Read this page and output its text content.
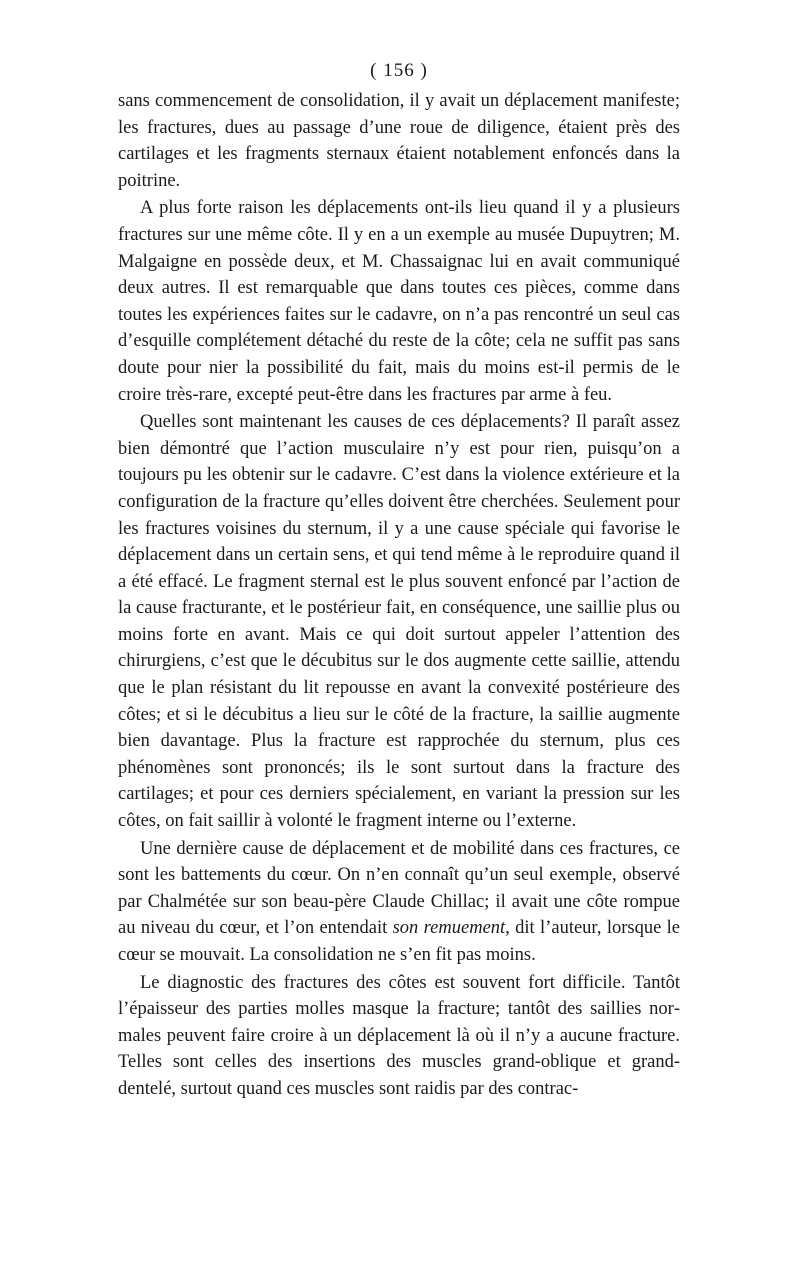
( 156 )

sans commencement de consolidation, il y avait un déplacement manifeste; les fractures, dues au passage d’une roue de diligence, étaient près des cartilages et les fragments sternaux étaient notablement enfoncés dans la poitrine.

A plus forte raison les déplacements ont-ils lieu quand il y a plusieurs fractures sur une même côte. Il y en a un exemple au musée Dupuytren; M. Malgaigne en possède deux, et M. Chassaignac lui en avait communiqué deux autres. Il est remarquable que dans toutes ces pièces, comme dans toutes les expériences faites sur le cadavre, on n’a pas rencontré un seul cas d’esquille complétement détaché du reste de la côte; cela ne suffit pas sans doute pour nier la possibilité du fait, mais du moins est-il permis de le croire très-rare, excepté peut-être dans les fractures par arme à feu.

Quelles sont maintenant les causes de ces déplacements? Il paraît assez bien démontré que l’action musculaire n’y est pour rien, puisqu’on a toujours pu les obtenir sur le cadavre. C’est dans la violence extérieure et la configuration de la fracture qu’elles doivent être cherchées. Seulement pour les fractures voisines du sternum, il y a une cause spéciale qui favorise le déplacement dans un certain sens, et qui tend même à le reproduire quand il a été effacé. Le fragment sternal est le plus souvent enfoncé par l’action de la cause fracturante, et le postérieur fait, en conséquence, une saillie plus ou moins forte en avant. Mais ce qui doit surtout appeler l’attention des chirurgiens, c’est que le décubitus sur le dos augmente cette saillie, attendu que le plan résistant du lit repousse en avant la convexité postérieure des côtes; et si le décubitus a lieu sur le côté de la fracture, la saillie augmente bien davantage. Plus la fracture est rapprochée du sternum, plus ces phénomènes sont prononcés; ils le sont surtout dans la fracture des cartilages; et pour ces derniers spécialement, en variant la pression sur les côtes, on fait saillir à volonté le fragment interne ou l’externe.

Une dernière cause de déplacement et de mobilité dans ces fractures, ce sont les battements du cœur. On n’en connaît qu’un seul exemple, observé par Chalmétée sur son beau-père Claude Chillac; il avait une côte rompue au niveau du cœur, et l’on entendait son remuement, dit l’auteur, lorsque le cœur se mouvait. La consolidation ne s’en fit pas moins.

Le diagnostic des fractures des côtes est souvent fort difficile. Tantôt l’épaisseur des parties molles masque la fracture; tantôt des saillies normales peuvent faire croire à un déplacement là où il n’y a aucune fracture. Telles sont celles des insertions des muscles grand-oblique et grand-dentelé, surtout quand ces muscles sont raidis par des contrac-
